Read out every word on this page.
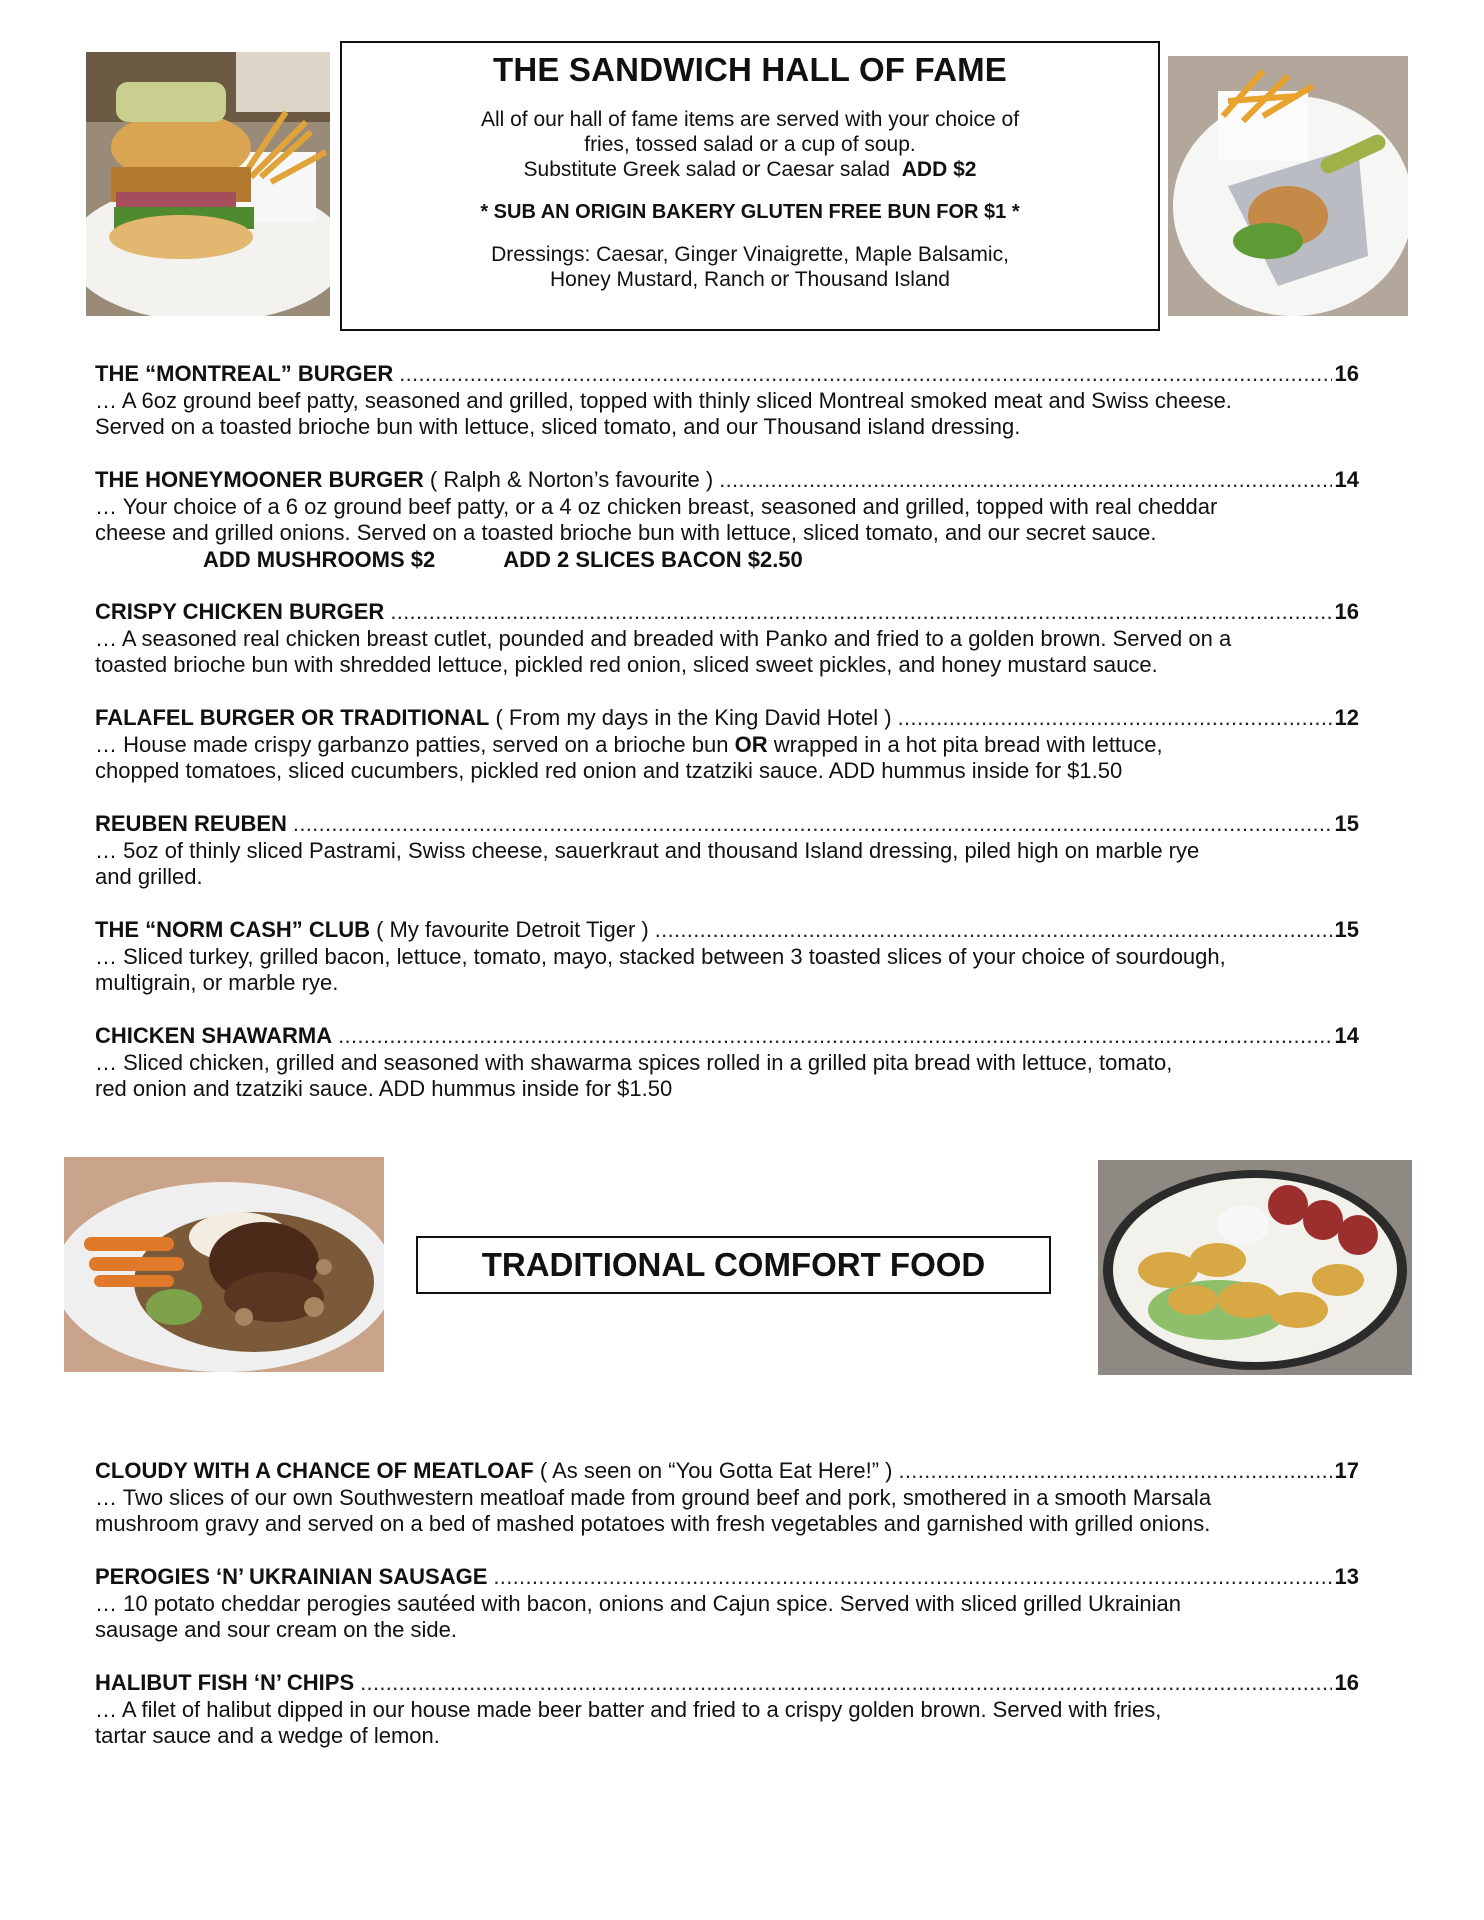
THE SANDWICH HALL OF FAME
All of our hall of fame items are served with your choice of
fries, tossed salad or a cup of soup.
Substitute Greek salad or Caesar salad ADD $2
* SUB AN ORIGIN BAKERY GLUTEN FREE BUN FOR $1 *
Dressings: Caesar, Ginger Vinaigrette, Maple Balsamic,
Honey Mustard, Ranch or Thousand Island
THE “MONTREAL” BURGER .....	16
… A 6oz ground beef patty, seasoned and grilled, topped with thinly sliced Montreal smoked meat and Swiss cheese.
Served on a toasted brioche bun with lettuce, sliced tomato, and our Thousand island dressing.
THE HONEYMOONER BURGER ( Ralph & Norton’s favourite ) .....	14
… Your choice of a 6 oz ground beef patty, or a 4 oz chicken breast, seasoned and grilled, topped with real cheddar
cheese and grilled onions. Served on a toasted brioche bun with lettuce, sliced tomato, and our secret sauce.
ADD MUSHROOMS $2	ADD 2 SLICES BACON $2.50
CRISPY CHICKEN BURGER .....	16
… A seasoned real chicken breast cutlet, pounded and breaded with Panko and fried to a golden brown. Served on a
toasted brioche bun with shredded lettuce, pickled red onion, sliced sweet pickles, and honey mustard sauce.
FALAFEL BURGER OR TRADITIONAL ( From my days in the King David Hotel ) .....	12
… House made crispy garbanzo patties, served on a brioche bun OR wrapped in a hot pita bread with lettuce,
chopped tomatoes, sliced cucumbers, pickled red onion and tzatziki sauce. ADD hummus inside for $1.50
REUBEN REUBEN .....	15
… 5oz of thinly sliced Pastrami, Swiss cheese, sauerkraut and thousand Island dressing, piled high on marble rye
and grilled.
THE “NORM CASH” CLUB ( My favourite Detroit Tiger ) .....	15
… Sliced turkey, grilled bacon, lettuce, tomato, mayo, stacked between 3 toasted slices of your choice of sourdough,
multigrain, or marble rye.
CHICKEN SHAWARMA .....	14
… Sliced chicken, grilled and seasoned with shawarma spices rolled in a grilled pita bread with lettuce, tomato,
red onion and tzatziki sauce. ADD hummus inside for $1.50
TRADITIONAL COMFORT FOOD
CLOUDY WITH A CHANCE OF MEATLOAF ( As seen on “You Gotta Eat Here!” ) .....	17
… Two slices of our own Southwestern meatloaf made from ground beef and pork, smothered in a smooth Marsala
mushroom gravy and served on a bed of mashed potatoes with fresh vegetables and garnished with grilled onions.
PEROGIES ‘N’ UKRAINIAN SAUSAGE .....	13
… 10 potato cheddar perogies sautéed with bacon, onions and Cajun spice. Served with sliced grilled Ukrainian
sausage and sour cream on the side.
HALIBUT FISH ‘N’ CHIPS .....	16
… A filet of halibut dipped in our house made beer batter and fried to a crispy golden brown. Served with fries,
tartar sauce and a wedge of lemon.
